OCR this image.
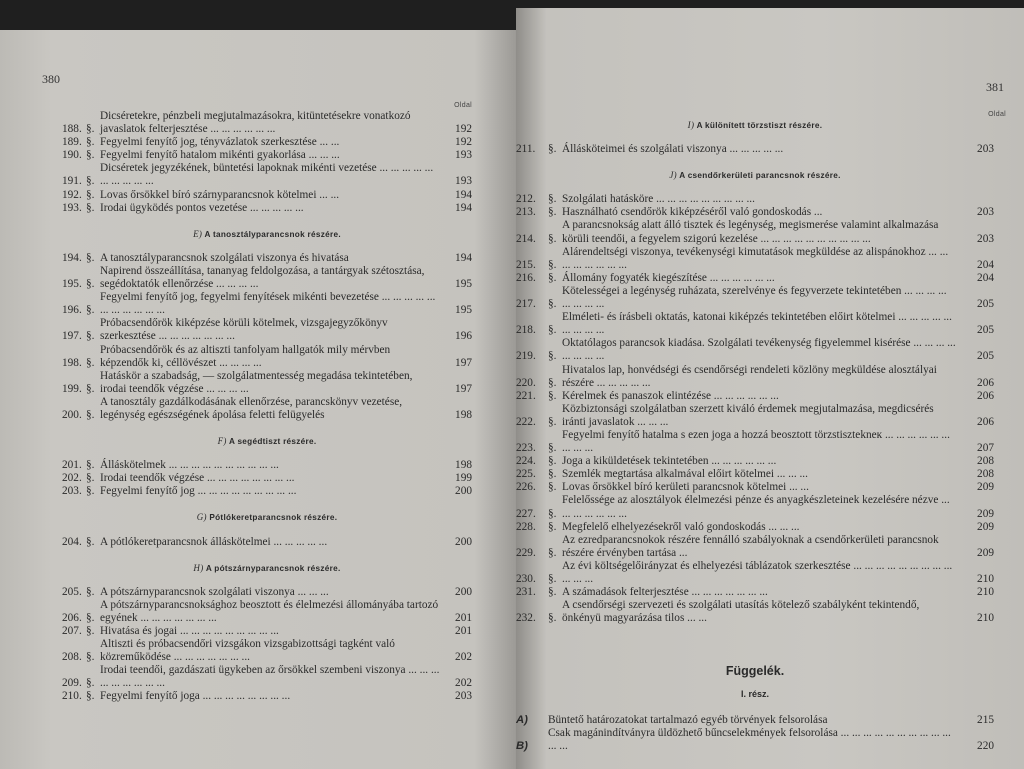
380
Oldal
188. §.
Dicséretekre, pénzbeli megjutalmazásokra, kitüntetésekre vonatkozó javaslatok felterjesztése ... ... ... ... ... ...	192
189. §. Fegyelmi fenyítő jog, tényvázlatok szerkesztése ... ...	192
190. §. Fegyelmi fenyítő hatalom mikénti gyakorlása ... ... ...	193
191. §.
Dicséretek jegyzékének, büntetési lapoknak mikénti vezetése ... ... ... ... ... ... ... ... ... ...	193
192. §. Lovas őrsökkel bíró szárnyparancsnok kötelmei ... ...	194
193. §. Irodai ügyködés pontos vezetése ... ... ... ... ...	194
E) A tanosztályparancsnok részére.
194. §. A tanosztályparancsnok szolgálati viszonya és hivatása	194
195. §.
Napirend összeállítása, tananyag feldolgozása, a tantárgyak szétosztása, segédoktatók ellenőrzése ... ... ... ...	195
196. §.
Fegyelmi fenyítő jog, fegyelmi fenyítések mikénti bevezetése ... ... ... ... ... ... ... ... ... ... ...	195
197. §.
Próbacsendőrök kiképzése körüli kötelmek, vizsgajegyzőkönyv szerkesztése ... ... ... ... ... ... ...	196
198. §.
Próbacsendőrök és az altiszti tanfolyam hallgatók mily mérvben képzendők ki, céllövészet ... ... ... ...	197
199. §.
Hatáskör a szabadság, — szolgálatmentesség megadása tekintetében, irodai teendők végzése ... ... ... ...	197
200. §.
A tanosztály gazdálkodásának ellenőrzése, parancskönyv vezetése, legénység egészségének ápolása feletti felügyelés	198
F) A segédtiszt részére.
201. §. Álláskötelmek ... ... ... ... ... ... ... ... ... ...	198
202. §. Irodai teendők végzése ... ... ... ... ... ... ... ...	199
203. §. Fegyelmi fenyítő jog ... ... ... ... ... ... ... ... ...	200
G) Pótlókeretparancsnok részére.
204. §. A pótlókeretparancsnok álláskötelmei ... ... ... ... ...	200
H) A pótszárnyparancsnok részére.
205. §. A pótszárnyparancsnok szolgálati viszonya ... ... ...	200
206. §.
A pótszárnyparancsnoksághoz beosztott és élelmezési állományába tartozó egyének ... ... ... ... ... ... ...	201
207. §. Hivatása és jogai ... ... ... ... ... ... ... ... ...	201
208. §.
Altiszti és próbacsendőri vizsgákon vizsgabizottsági tagként való közreműködése ... ... ... ... ... ... ...	202
209. §.
Irodai teendői, gazdászati ügykeben az őrsökkel szembeni viszonya ... ... ... ... ... ... ... ... ...	202
210. §. Fegyelmi fenyítő joga ... ... ... ... ... ... ... ...	203
381
Oldal
I) A különített törzstiszt részére.
211.	§. Állásköteimei és szolgálati viszonya ... ... ... ... ...	203
J) A csendőrkerületi parancsnok részére.
212.	§. Szolgálati hatásköre ... ... ... ... ... ... ... ... ...
213.	§. Használható csendőrök kiképzéséről való gondoskodás ...	203
214.	§.
A parancsnokság alatt álló tisztek és legénység, megismerése valamint alkalmazása körüli teendői, a fegyelem szigorú kezelése ... ... ... ... ... ... ... ... ... ...	203
215.	§.
Alárendeltségi viszonya, tevékenységi kimutatások megküldése az alispánokhoz ... ... ... ... ... ... ... ...	204
216.	§. Állomány fogyaték kiegészítése ... ... ... ... ... ...	204
217.	§.
Kötelességei a legénység ruházata, szerelvénye és fegyverzete tekintetében ... ... ... ... ... ... ... ...	205
218.	§.
Elméleti- és írásbeli oktatás, katonai kiképzés tekintetében előirt kötelmei ... ... ... ... ... ... ... ... ...	205
219.	§.
Oktatólagos parancsok kiadása. Szolgálati tevékenység figyelemmel kisérése ... ... ... ... ... ... ... ...	205
220.	§.
Hivatalos lap, honvédségi és csendőrségi rendeleti közlöny megküldése alosztályai részére ... ... ... ... ...	206
221.	§. Kérelmek és panaszok elintézése ... ... ... ... ... ...	206
222.	§.
Közbiztonsági szolgálatban szerzett kiváló érdemek megjutalmazása, megdicsérés iránti javaslatok ... ... ...	206
223.	§.
Fegyelmi fenyítő hatalma s ezen joga a hozzá beosztott törzstisztekneк ... ... ... ... ... ... ... ... ...	207
224.	§. Joga a kiküldetések tekintetében ... ... ... ... ... ...	208
225.	§. Szemlék megtartása alkalmával előirt kötelmei ... ... ...	208
226.	§. Lovas őrsökkel bíró kerületi parancsnok kötelmei ... ...	209
227.	§.
Felelőssége az alosztályok élelmezési pénze és anyagkészleteinek kezelésére nézve ... ... ... ... ... ... ...	209
228.	§. Megfelelő elhelyezésekről való gondoskodás ... ... ...	209
229.	§.
Az ezredparancsnokok részére fennálló szabályoknak a csendőrkerületi parancsnok részére érvényben tartása ...	209
230.	§.
Az évi költségelőirányzat és elhelyezési táblázatok szerkesztése ... ... ... ... ... ... ... ... ... ... ... ...	210
231.	§. A számadások felterjesztése ... ... ... ... ... ... ...	210
232.	§.
A csendőrségi szervezeti és szolgálati utasítás kötelező szabályként tekintendő, önkényü magyarázása tilos ... ...	210
Függelék.
I. rész.
A)	Büntető határozatokat tartalmazó egyéb törvények felsorolása	215
B)
Csak magánindítványra üldözhető bűncselekmények felsorolása ... ... ... ... ... ... ... ... ... ... ... ...	220
